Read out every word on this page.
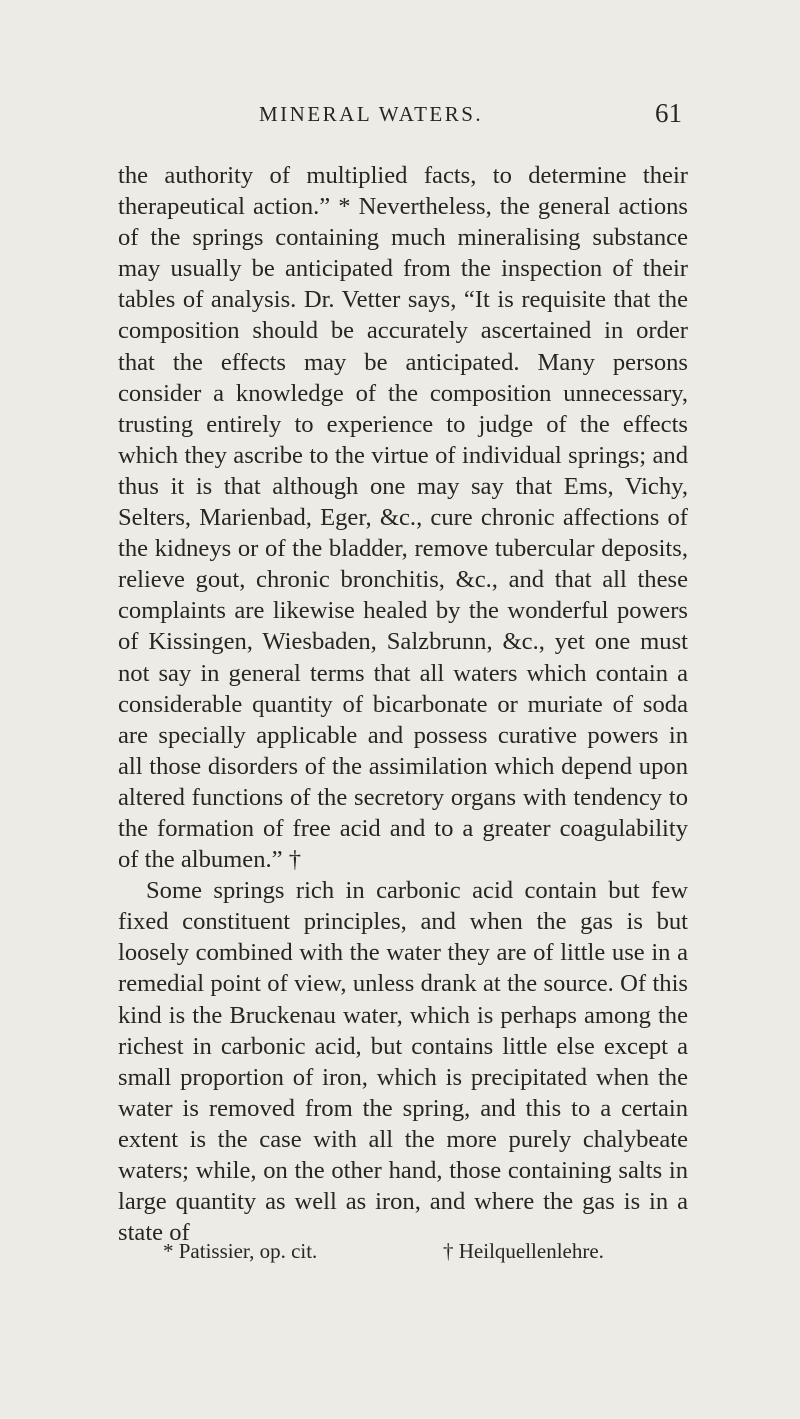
MINERAL WATERS.	61

the authority of multiplied facts, to determine their therapeutical action.” * Nevertheless, the general actions of the springs containing much mineralising substance may usually be anticipated from the inspection of their tables of analysis. Dr. Vetter says, “It is requisite that the composition should be accurately ascertained in order that the effects may be anticipated. Many persons consider a knowledge of the composition unnecessary, trusting entirely to experience to judge of the effects which they ascribe to the virtue of individual springs; and thus it is that although one may say that Ems, Vichy, Selters, Marienbad, Eger, &c., cure chronic affections of the kidneys or of the bladder, remove tubercular deposits, relieve gout, chronic bronchitis, &c., and that all these complaints are likewise healed by the wonderful powers of Kissingen, Wiesbaden, Salzbrunn, &c., yet one must not say in general terms that all waters which contain a considerable quantity of bicarbonate or muriate of soda are specially applicable and possess curative powers in all those disorders of the assimilation which depend upon altered functions of the secretory organs with tendency to the formation of free acid and to a greater coagulability of the albumen.” †

Some springs rich in carbonic acid contain but few fixed constituent principles, and when the gas is but loosely combined with the water they are of little use in a remedial point of view, unless drank at the source. Of this kind is the Bruckenau water, which is perhaps among the richest in carbonic acid, but contains little else except a small proportion of iron, which is precipitated when the water is removed from the spring, and this to a certain extent is the case with all the more purely chalybeate waters; while, on the other hand, those containing salts in large quantity as well as iron, and where the gas is in a state of

* Patissier, op. cit.	† Heilquellenlehre.
